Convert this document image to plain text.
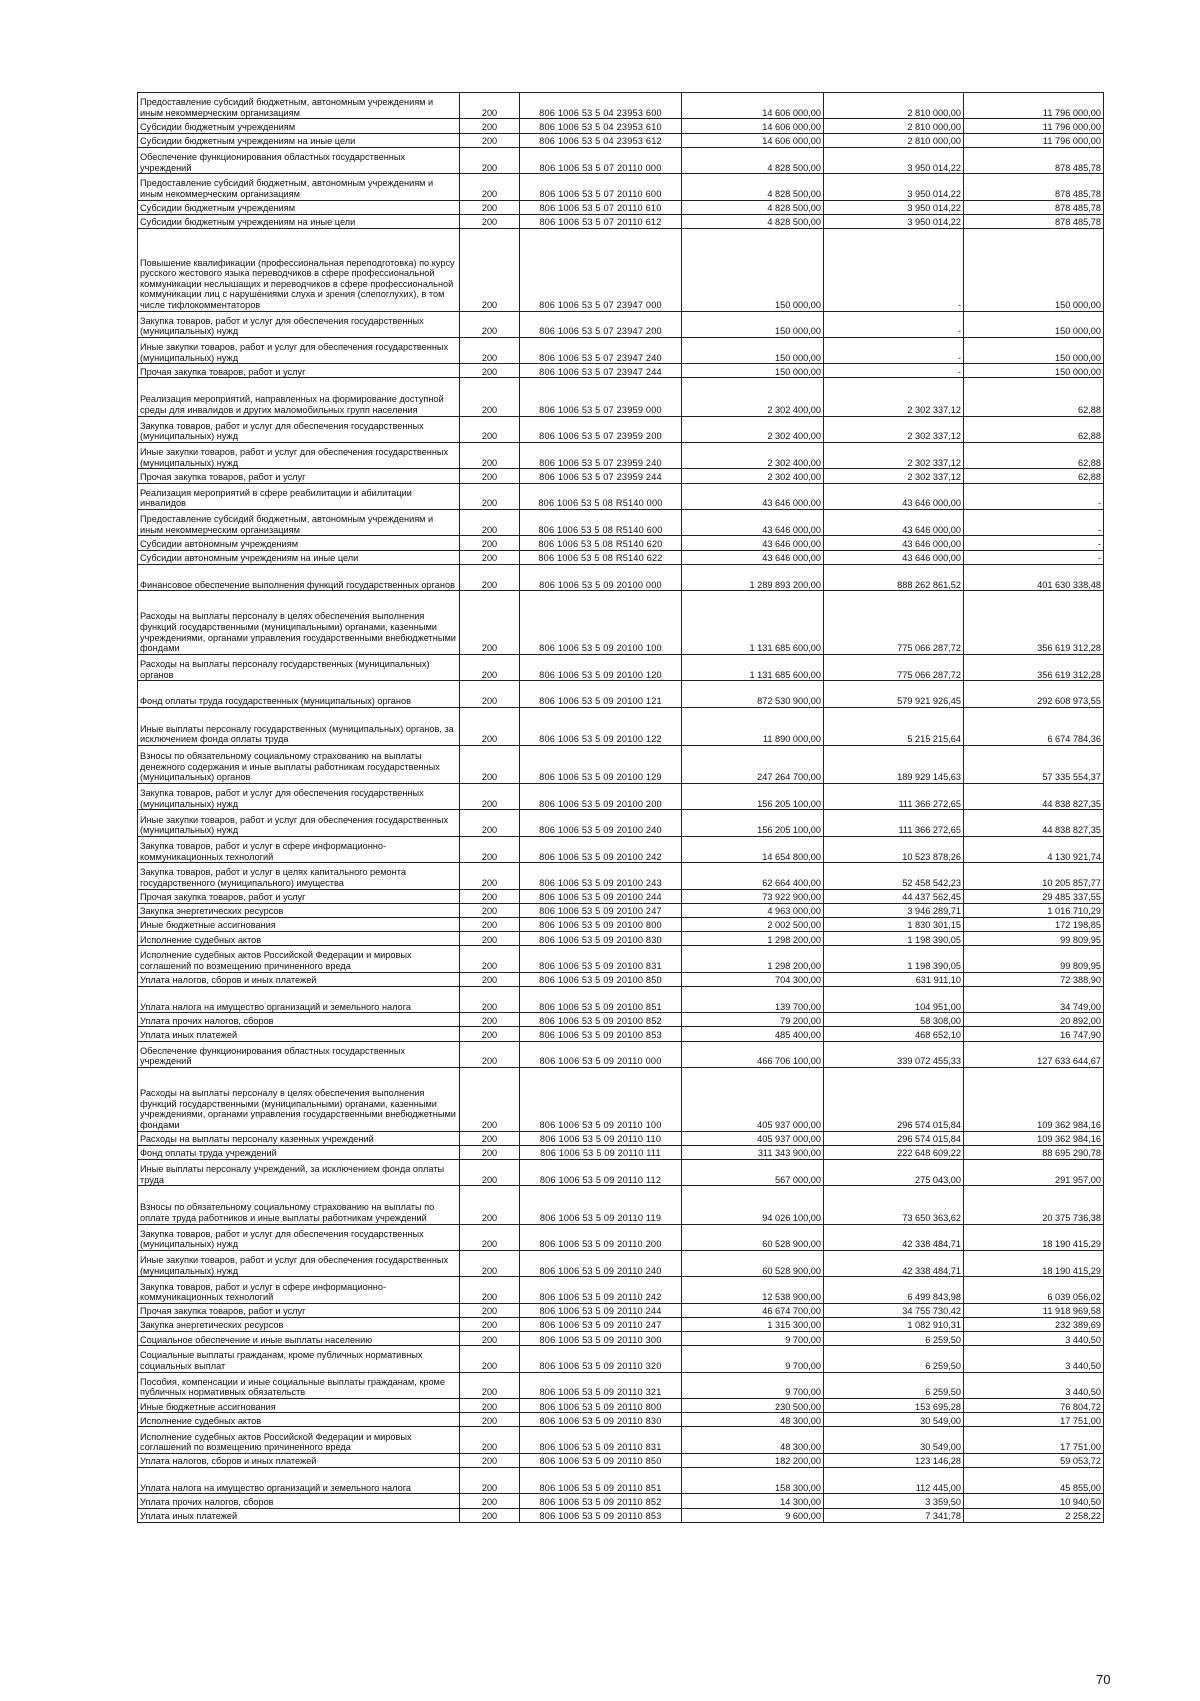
Предоставление субсидий бюджетным, автономным учреждениям и иным некоммерческим организациям	200	806 1006 53 5 04 23953 600	14 606 000,00	2 810 000,00	11 796 000,00
Субсидии бюджетным учреждениям	200	806 1006 53 5 04 23953 610	14 606 000,00	2 810 000,00	11 796 000,00
Субсидии бюджетным учреждениям на иные цели	200	806 1006 53 5 04 23953 612	14 606 000,00	2 810 000,00	11 796 000,00
Обеспечение функционирования областных государственных учреждений	200	806 1006 53 5 07 20110 000	4 828 500,00	3 950 014,22	878 485,78
Предоставление субсидий бюджетным, автономным учреждениям и иным некоммерческим организациям	200	806 1006 53 5 07 20110 600	4 828 500,00	3 950 014,22	878 485,78
Субсидии бюджетным учреждениям	200	806 1006 53 5 07 20110 610	4 828 500,00	3 950 014,22	878 485,78
Субсидии бюджетным учреждениям на иные цели	200	806 1006 53 5 07 20110 612	4 828 500,00	3 950 014,22	878 485,78
Повышение квалификации (профессиональная переподготовка) по курсу русского жестового языка переводчиков в сфере профессиональной коммуникации неслышащих и переводчиков в сфере профессиональной коммуникации лиц с нарушениями слуха и зрения (слепоглухих), в том числе тифлокомментаторов	200	806 1006 53 5 07 23947 000	150 000,00	-	150 000,00
Закупка товаров, работ и услуг для обеспечения государственных (муниципальных) нужд	200	806 1006 53 5 07 23947 200	150 000,00	-	150 000,00
Иные закупки товаров, работ и услуг для обеспечения государственных (муниципальных) нужд	200	806 1006 53 5 07 23947 240	150 000,00	-	150 000,00
Прочая закупка товаров, работ и услуг	200	806 1006 53 5 07 23947 244	150 000,00	-	150 000,00
Реализация мероприятий, направленных на формирование доступной среды для инвалидов и других маломобильных групп населения	200	806 1006 53 5 07 23959 000	2 302 400,00	2 302 337,12	62,88
Закупка товаров, работ и услуг для обеспечения государственных (муниципальных) нужд	200	806 1006 53 5 07 23959 200	2 302 400,00	2 302 337,12	62,88
Иные закупки товаров, работ и услуг для обеспечения государственных (муниципальных) нужд	200	806 1006 53 5 07 23959 240	2 302 400,00	2 302 337,12	62,88
Прочая закупка товаров, работ и услуг	200	806 1006 53 5 07 23959 244	2 302 400,00	2 302 337,12	62,88
Реализация мероприятий в сфере реабилитации и абилитации инвалидов	200	806 1006 53 5 08 R5140 000	43 646 000,00	43 646 000,00	-
Предоставление субсидий бюджетным, автономным учреждениям и иным некоммерческим организациям	200	806 1006 53 5 08 R5140 600	43 646 000,00	43 646 000,00	-
Субсидии автономным учреждениям	200	806 1006 53 5 08 R5140 620	43 646 000,00	43 646 000,00	-
Субсидии автономным учреждениям на иные цели	200	806 1006 53 5 08 R5140 622	43 646 000,00	43 646 000,00	-
Финансовое обеспечение выполнения функций государственных органов	200	806 1006 53 5 09 20100 000	1 289 893 200,00	888 262 861,52	401 630 338,48
Расходы на выплаты персоналу в целях обеспечения выполнения функций государственными (муниципальными) органами, казенными учреждениями, органами управления государственными внебюджетными фондами	200	806 1006 53 5 09 20100 100	1 131 685 600,00	775 066 287,72	356 619 312,28
Расходы на выплаты персоналу государственных (муниципальных) органов	200	806 1006 53 5 09 20100 120	1 131 685 600,00	775 066 287,72	356 619 312,28
Фонд оплаты труда государственных (муниципальных) органов	200	806 1006 53 5 09 20100 121	872 530 900,00	579 921 926,45	292 608 973,55
Иные выплаты персоналу государственных (муниципальных) органов, за исключением фонда оплаты труда	200	806 1006 53 5 09 20100 122	11 890 000,00	5 215 215,64	6 674 784,36
Взносы по обязательному социальному страхованию на выплаты денежного содержания и иные выплаты работникам государственных (муниципальных) органов	200	806 1006 53 5 09 20100 129	247 264 700,00	189 929 145,63	57 335 554,37
Закупка товаров, работ и услуг для обеспечения государственных (муниципальных) нужд	200	806 1006 53 5 09 20100 200	156 205 100,00	111 366 272,65	44 838 827,35
Иные закупки товаров, работ и услуг для обеспечения государственных (муниципальных) нужд	200	806 1006 53 5 09 20100 240	156 205 100,00	111 366 272,65	44 838 827,35
Закупка товаров, работ и услуг в сфере информационно-коммуникационных технологий	200	806 1006 53 5 09 20100 242	14 654 800,00	10 523 878,26	4 130 921,74
Закупка товаров, работ и услуг в целях капитального ремонта государственного (муниципального) имущества	200	806 1006 53 5 09 20100 243	62 664 400,00	52 458 542,23	10 205 857,77
Прочая закупка товаров, работ и услуг	200	806 1006 53 5 09 20100 244	73 922 900,00	44 437 562,45	29 485 337,55
Закупка энергетических ресурсов	200	806 1006 53 5 09 20100 247	4 963 000,00	3 946 289,71	1 016 710,29
Иные бюджетные ассигнования	200	806 1006 53 5 09 20100 800	2 002 500,00	1 830 301,15	172 198,85
Исполнение судебных актов	200	806 1006 53 5 09 20100 830	1 298 200,00	1 198 390,05	99 809,95
Исполнение судебных актов Российской Федерации и мировых соглашений по возмещению причиненного вреда	200	806 1006 53 5 09 20100 831	1 298 200,00	1 198 390,05	99 809,95
Уплата налогов, сборов и иных платежей	200	806 1006 53 5 09 20100 850	704 300,00	631 911,10	72 388,90
Уплата налога на имущество организаций и земельного налога	200	806 1006 53 5 09 20100 851	139 700,00	104 951,00	34 749,00
Уплата прочих налогов, сборов	200	806 1006 53 5 09 20100 852	79 200,00	58 308,00	20 892,00
Уплата иных платежей	200	806 1006 53 5 09 20100 853	485 400,00	468 652,10	16 747,90
Обеспечение функционирования областных государственных учреждений	200	806 1006 53 5 09 20110 000	466 706 100,00	339 072 455,33	127 633 644,67
Расходы на выплаты персоналу в целях обеспечения выполнения функций государственными (муниципальными) органами, казенными учреждениями, органами управления государственными внебюджетными фондами	200	806 1006 53 5 09 20110 100	405 937 000,00	296 574 015,84	109 362 984,16
Расходы на выплаты персоналу казенных учреждений	200	806 1006 53 5 09 20110 110	405 937 000,00	296 574 015,84	109 362 984,16
Фонд оплаты труда учреждений	200	806 1006 53 5 09 20110 111	311 343 900,00	222 648 609,22	88 695 290,78
Иные выплаты персоналу учреждений, за исключением фонда оплаты труда	200	806 1006 53 5 09 20110 112	567 000,00	275 043,00	291 957,00
Взносы по обязательному социальному страхованию на выплаты по оплате труда работников и иные выплаты работникам учреждений	200	806 1006 53 5 09 20110 119	94 026 100,00	73 650 363,62	20 375 736,38
Закупка товаров, работ и услуг для обеспечения государственных (муниципальных) нужд	200	806 1006 53 5 09 20110 200	60 528 900,00	42 338 484,71	18 190 415,29
Иные закупки товаров, работ и услуг для обеспечения государственных (муниципальных) нужд	200	806 1006 53 5 09 20110 240	60 528 900,00	42 338 484,71	18 190 415,29
Закупка товаров, работ и услуг в сфере информационно-коммуникационных технологий	200	806 1006 53 5 09 20110 242	12 538 900,00	6 499 843,98	6 039 056,02
Прочая закупка товаров, работ и услуг	200	806 1006 53 5 09 20110 244	46 674 700,00	34 755 730,42	11 918 969,58
Закупка энергетических ресурсов	200	806 1006 53 5 09 20110 247	1 315 300,00	1 082 910,31	232 389,69
Социальное обеспечение и иные выплаты населению	200	806 1006 53 5 09 20110 300	9 700,00	6 259,50	3 440,50
Социальные выплаты гражданам, кроме публичных нормативных социальных выплат	200	806 1006 53 5 09 20110 320	9 700,00	6 259,50	3 440,50
Пособия, компенсации и иные социальные выплаты гражданам, кроме публичных нормативных обязательств	200	806 1006 53 5 09 20110 321	9 700,00	6 259,50	3 440,50
Иные бюджетные ассигнования	200	806 1006 53 5 09 20110 800	230 500,00	153 695,28	76 804,72
Исполнение судебных актов	200	806 1006 53 5 09 20110 830	48 300,00	30 549,00	17 751,00
Исполнение судебных актов Российской Федерации и мировых соглашений по возмещению причиненного вреда	200	806 1006 53 5 09 20110 831	48 300,00	30 549,00	17 751,00
Уплата налогов, сборов и иных платежей	200	806 1006 53 5 09 20110 850	182 200,00	123 146,28	59 053,72
Уплата налога на имущество организаций и земельного налога	200	806 1006 53 5 09 20110 851	158 300,00	112 445,00	45 855,00
Уплата прочих налогов, сборов	200	806 1006 53 5 09 20110 852	14 300,00	3 359,50	10 940,50
Уплата иных платежей	200	806 1006 53 5 09 20110 853	9 600,00	7 341,78	2 258,22
70
